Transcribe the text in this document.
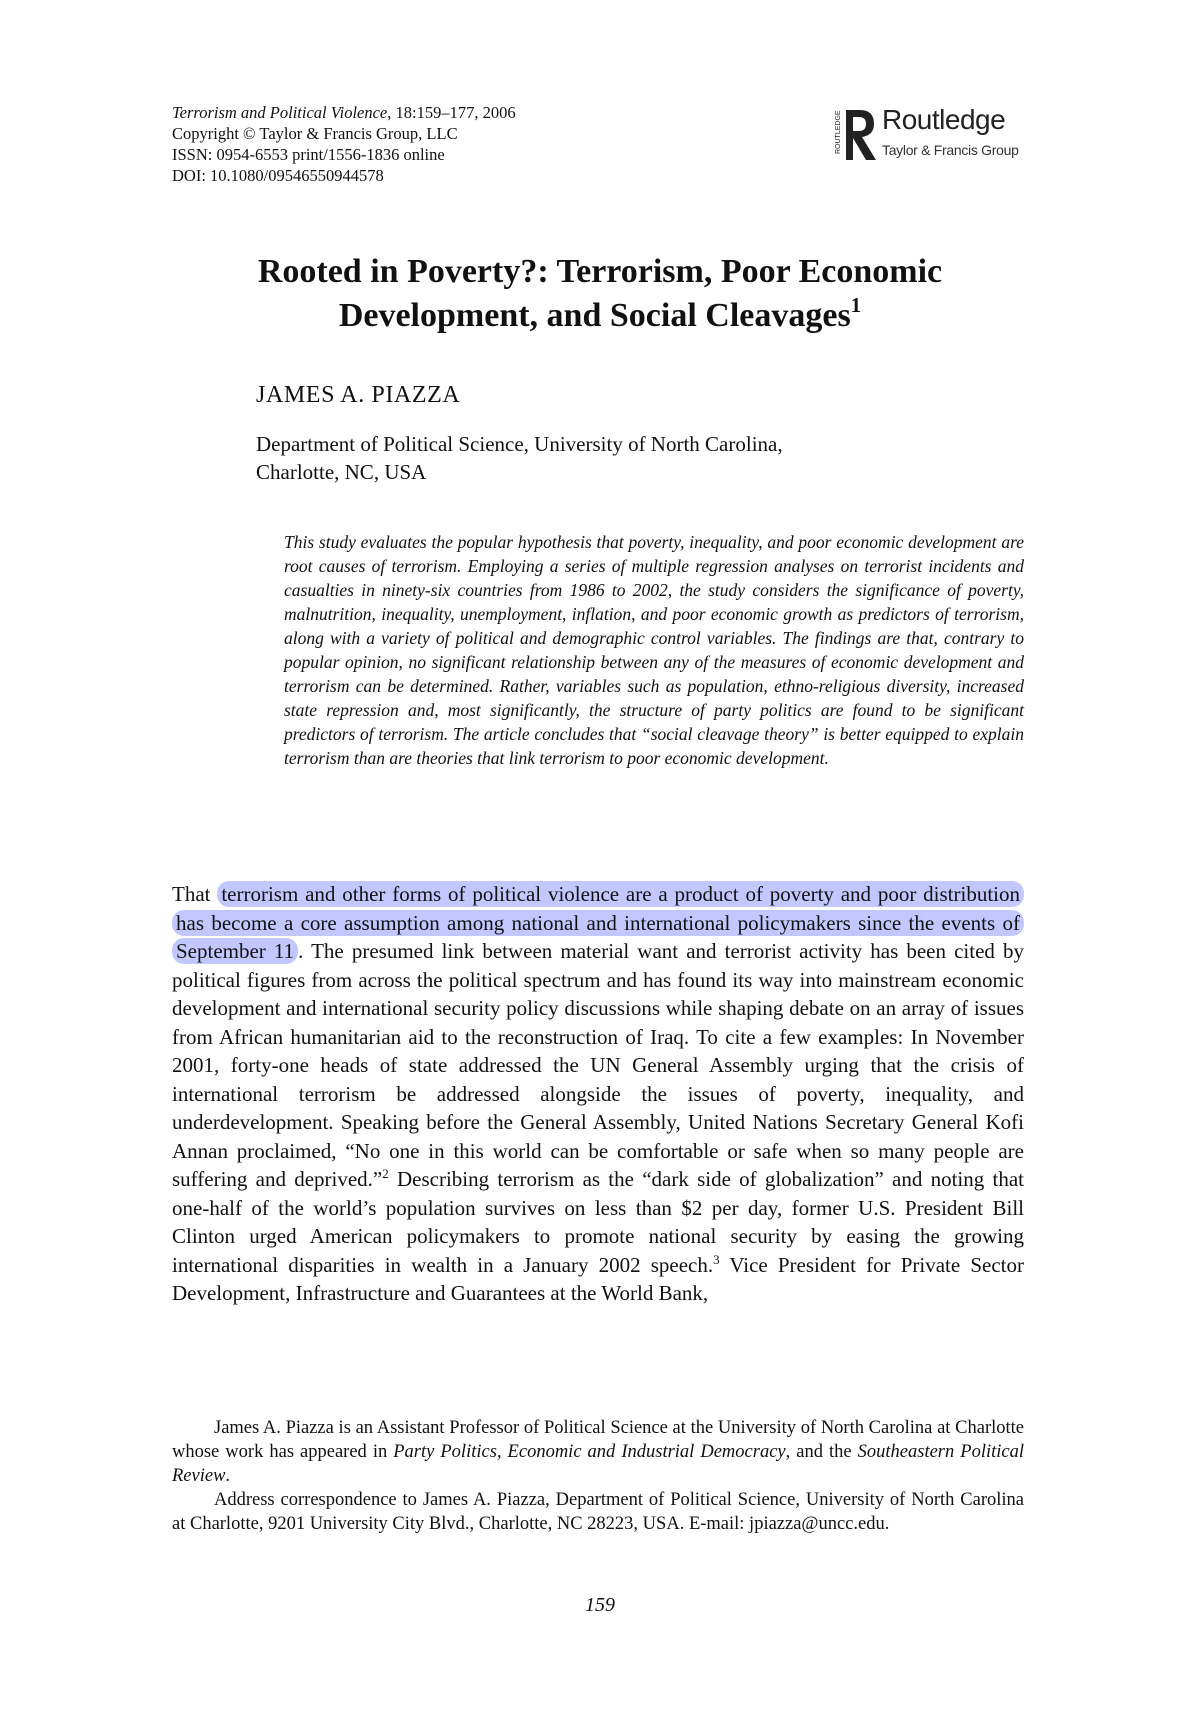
Terrorism and Political Violence, 18:159–177, 2006
Copyright © Taylor & Francis Group, LLC
ISSN: 0954-6553 print/1556-1836 online
DOI: 10.1080/09546550944578
ROUTLEDGE Routledge
Taylor & Francis Group
Rooted in Poverty?: Terrorism, Poor Economic
Development, and Social Cleavages$^1$
JAMES A. PIAZZA
Department of Political Science, University of North Carolina,
Charlotte, NC, USA
This study evaluates the popular hypothesis that poverty, inequality, and poor economic development are root causes of terrorism. Employing a series of multiple regression analyses on terrorist incidents and casualties in ninety-six countries from 1986 to 2002, the study considers the significance of poverty, malnutrition, inequality, unemployment, inflation, and poor economic growth as predictors of terrorism, along with a variety of political and demographic control variables. The findings are that, contrary to popular opinion, no significant relationship between any of the measures of economic development and terrorism can be determined. Rather, variables such as population, ethno-religious diversity, increased state repression and, most significantly, the structure of party politics are found to be significant predictors of terrorism. The article concludes that “social cleavage theory” is better equipped to explain terrorism than are theories that link terrorism to poor economic development.
That terrorism and other forms of political violence are a product of poverty and poor distribution has become a core assumption among national and international policymakers since the events of September 11 . The presumed link between material want and terrorist activity has been cited by political figures from across the political spectrum and has found its way into mainstream economic development and international security policy discussions while shaping debate on an array of issues from African humanitarian aid to the reconstruction of Iraq. To cite a few examples: In November 2001, forty-one heads of state addressed the UN General Assembly urging that the crisis of international terrorism be addressed alongside the issues of poverty, inequality, and underdevelopment. Speaking before the General Assembly, United Nations Secretary General Kofi Annan proclaimed, “No one in this world can be comfortable or safe when so many people are suffering and deprived.”$^2$ Describing terrorism as the “dark side of globalization” and noting that one-half of the world’s population survives on less than $2 per day, former U.S. President Bill Clinton urged American policymakers to promote national security by easing the growing international disparities in wealth in a January 2002 speech.$^3$ Vice President for Private Sector Development, Infrastructure and Guarantees at the World Bank,

James A. Piazza is an Assistant Professor of Political Science at the University of North Carolina at Charlotte whose work has appeared in Party Politics, Economic and Industrial Democracy, and the Southeastern Political Review.

Address correspondence to James A. Piazza, Department of Political Science, University of North Carolina at Charlotte, 9201 University City Blvd., Charlotte, NC 28223, USA. E-mail: jpiazza@uncc.edu.

159
